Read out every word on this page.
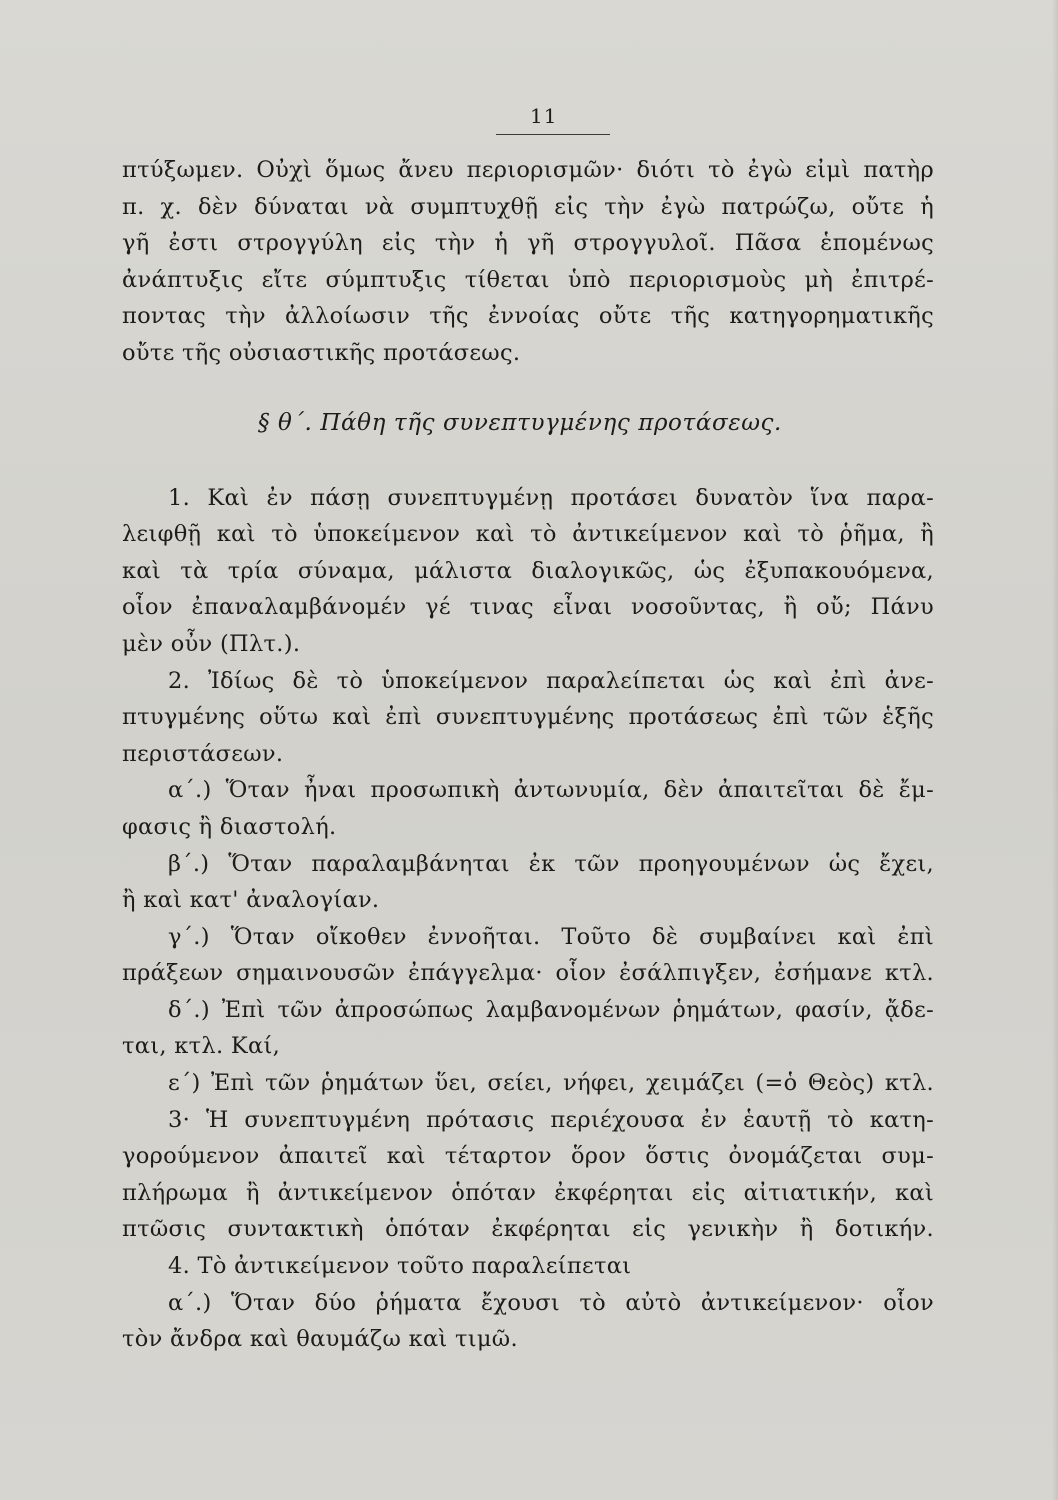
11
πτύξωμεν. Οὐχὶ ὅμως ἄνευ περιορισμῶν· διότι τὸ ἐγὼ εἰμὶ πατὴρ
π. χ. δὲν δύναται νὰ συμπτυχθῇ εἰς τὴν ἐγὼ πατρώζω, οὔτε ἡ
γῆ ἐστι στρογγύλη εἰς τὴν ἡ γῆ στρογγυλοῖ. Πᾶσα ἑπομένως
ἀνάπτυξις εἴτε σύμπτυξις τίθεται ὑπὸ περιορισμοὺς μὴ ἐπιτρέ-
ποντας τὴν ἀλλοίωσιν τῆς ἐννοίας οὔτε τῆς κατηγορηματικῆς
οὔτε τῆς οὐσιαστικῆς προτάσεως.
§ θ΄. Πάθη τῆς συνεπτυγμένης προτάσεως.
1. Καὶ ἐν πάσῃ συνεπτυγμένῃ προτάσει δυνατὸν ἵνα παρα-
λειφθῇ καὶ τὸ ὑποκείμενον καὶ τὸ ἀντικείμενον καὶ τὸ ῥῆμα, ἢ
καὶ τὰ τρία σύναμα, μάλιστα διαλογικῶς, ὡς ἐξυπακουόμενα,
οἷον ἐπαναλαμβάνομέν γέ τινας εἶναι νοσοῦντας, ἢ οὔ; Πάνυ
μὲν οὖν (Πλτ.).
2. Ἰδίως δὲ τὸ ὑποκείμενον παραλείπεται ὡς καὶ ἐπὶ ἀνε-
πτυγμένης οὕτω καὶ ἐπὶ συνεπτυγμένης προτάσεως ἐπὶ τῶν ἑξῆς
περιστάσεων.
α΄.) Ὅταν ἦναι προσωπικὴ ἀντωνυμία, δὲν ἀπαιτεῖται δὲ ἔμ-
φασις ἢ διαστολή.
β΄.) Ὅταν παραλαμβάνηται ἐκ τῶν προηγουμένων ὡς ἔχει,
ἢ καὶ κατ' ἀναλογίαν.
γ΄.) Ὅταν οἴκοθεν ἐννοῆται. Τοῦτο δὲ συμβαίνει καὶ ἐπὶ
πράξεων σημαινουσῶν ἐπάγγελμα· οἷον ἐσάλπιγξεν, ἐσήμανε κτλ.
δ΄.) Ἐπὶ τῶν ἀπροσώπως λαμβανομένων ῥημάτων, φασίν, ᾄδε-
ται, κτλ. Καί,
ε΄) Ἐπὶ τῶν ῥημάτων ὕει, σείει, νήφει, χειμάζει (=ὁ Θεὸς) κτλ.
3· Ἡ συνεπτυγμένη πρότασις περιέχουσα ἐν ἑαυτῇ τὸ κατη-
γορούμενον ἀπαιτεῖ καὶ τέταρτον ὅρον ὅστις ὀνομάζεται συμ-
πλήρωμα ἢ ἀντικείμενον ὁπόταν ἐκφέρηται εἰς αἰτιατικήν, καὶ
πτῶσις συντακτικὴ ὁπόταν ἐκφέρηται εἰς γενικὴν ἢ δοτικήν.
4. Τὸ ἀντικείμενον τοῦτο παραλείπεται
α΄.) Ὅταν δύο ῥήματα ἔχουσι τὸ αὐτὸ ἀντικείμενον· οἷον
τὸν ἄνδρα καὶ θαυμάζω καὶ τιμῶ.
